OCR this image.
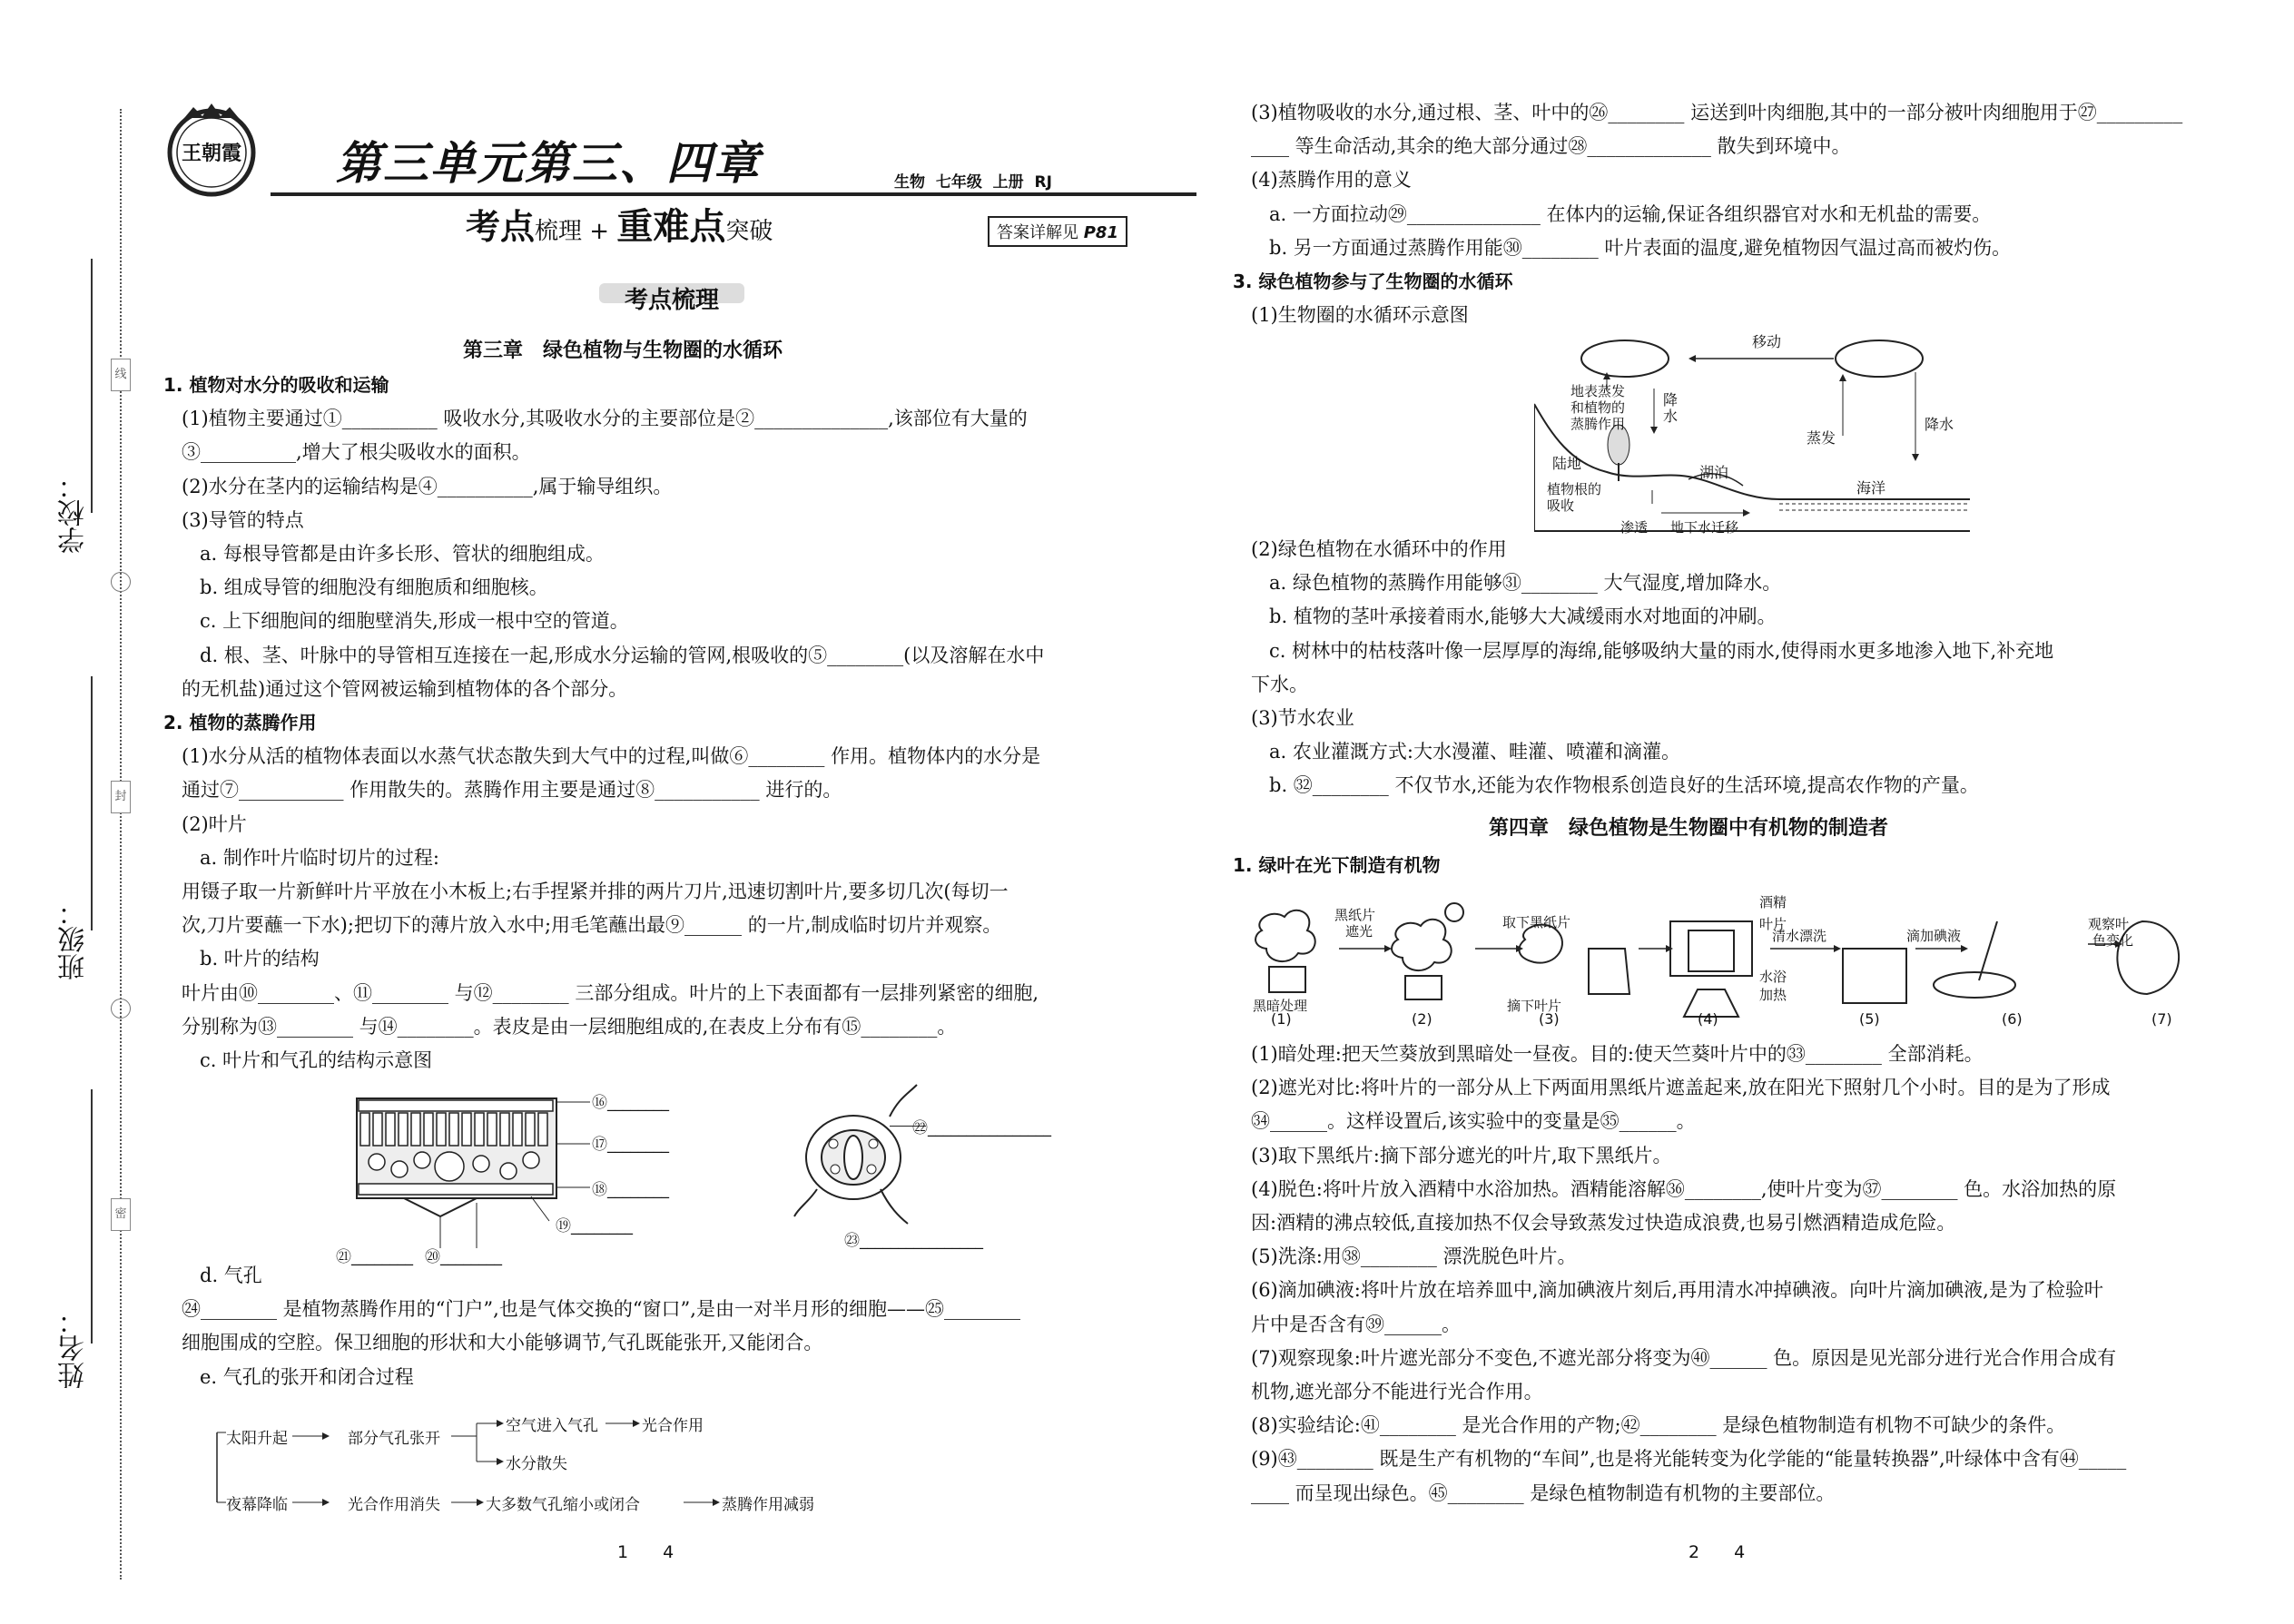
线
封
密
学校：
班级：
姓名：
王朝霞 第三单元第三、四章
考点梳理 + 重难点突破
生物  七年级  上册  RJ
答案详解见 P81
考点梳理
第三章　绿色植物与生物圈的水循环
1. 植物对水分的吸收和运输
(1)植物主要通过①__________ 吸收水分,其吸收水分的主要部位是②______________,该部位有大量的
③__________,增大了根尖吸收水的面积。
(2)水分在茎内的运输结构是④__________,属于输导组织。
(3)导管的特点
a. 每根导管都是由许多长形、管状的细胞组成。
b. 组成导管的细胞没有细胞质和细胞核。
c. 上下细胞间的细胞壁消失,形成一根中空的管道。
d. 根、茎、叶脉中的导管相互连接在一起,形成水分运输的管网,根吸收的⑤________(以及溶解在水中
的无机盐)通过这个管网被运输到植物体的各个部分。
2. 植物的蒸腾作用
(1)水分从活的植物体表面以水蒸气状态散失到大气中的过程,叫做⑥________ 作用。植物体内的水分是
通过⑦___________ 作用散失的。蒸腾作用主要是通过⑧___________ 进行的。
(2)叶片
a. 制作叶片临时切片的过程:
用镊子取一片新鲜叶片平放在小木板上;右手捏紧并排的两片刀片,迅速切割叶片,要多切几次(每切一
次,刀片要蘸一下水);把切下的薄片放入水中;用毛笔蘸出最⑨______ 的一片,制成临时切片并观察。
b. 叶片的结构
叶片由⑩________、⑪________ 与⑫________ 三部分组成。叶片的上下表面都有一层排列紧密的细胞,
分别称为⑬________ 与⑭________。表皮是由一层细胞组成的,在表皮上分布有⑮________。
c. 叶片和气孔的结构示意图
⑯________
⑰________
⑱________
⑲________
㉑________ ⑳________
㉒________________
㉓________________
d. 气孔
㉔________ 是植物蒸腾作用的“门户”,也是气体交换的“窗口”,是由一对半月形的细胞——㉕________
细胞围成的空腔。保卫细胞的形状和大小能够调节,气孔既能张开,又能闭合。
e. 气孔的张开和闭合过程
太阳升起	部分气孔张开
空气进入气孔	光合作用
水分散失
夜幕降临	光合作用消失	大多数气孔缩小或闭合	蒸腾作用减弱
1　　4
(3)植物吸收的水分,通过根、茎、叶中的㉖________ 运送到叶肉细胞,其中的一部分被叶肉细胞用于㉗_________
____ 等生命活动,其余的绝大部分通过㉘_____________ 散失到环境中。
(4)蒸腾作用的意义
a. 一方面拉动㉙______________ 在体内的运输,保证各组织器官对水和无机盐的需要。
b. 另一方面通过蒸腾作用能㉚________ 叶片表面的温度,避免植物因气温过高而被灼伤。
3. 绿色植物参与了生物圈的水循环
(1)生物圈的水循环示意图
移动
地表蒸发和植物的蒸腾作用
降水
蒸发
降水
陆地
湖泊
海洋
植物根的吸收
渗透 地下水迁移
(2)绿色植物在水循环中的作用
a. 绿色植物的蒸腾作用能够㉛________ 大气湿度,增加降水。
b. 植物的茎叶承接着雨水,能够大大减缓雨水对地面的冲刷。
c. 树林中的枯枝落叶像一层厚厚的海绵,能够吸纳大量的雨水,使得雨水更多地渗入地下,补充地
下水。
(3)节水农业
a. 农业灌溉方式:大水漫灌、畦灌、喷灌和滴灌。
b. ㉜________ 不仅节水,还能为农作物根系创造良好的生活环境,提高农作物的产量。
第四章　绿色植物是生物圈中有机物的制造者
1. 绿叶在光下制造有机物
黑暗处理
黑纸片
遮光
取下黑纸片
摘下叶片
酒精
叶片
水浴
加热
清水漂洗	滴加碘液
观察叶
色变化
(1)	(2)	(3)	(4)	(5)	(6)	(7)
(1)暗处理:把天竺葵放到黑暗处一昼夜。目的:使天竺葵叶片中的㉝________ 全部消耗。
(2)遮光对比:将叶片的一部分从上下两面用黑纸片遮盖起来,放在阳光下照射几个小时。目的是为了形成
㉞______。这样设置后,该实验中的变量是㉟______。
(3)取下黑纸片:摘下部分遮光的叶片,取下黑纸片。
(4)脱色:将叶片放入酒精中水浴加热。酒精能溶解㊱________,使叶片变为㊲________ 色。水浴加热的原
因:酒精的沸点较低,直接加热不仅会导致蒸发过快造成浪费,也易引燃酒精造成危险。
(5)洗涤:用㊳________ 漂洗脱色叶片。
(6)滴加碘液:将叶片放在培养皿中,滴加碘液片刻后,再用清水冲掉碘液。向叶片滴加碘液,是为了检验叶
片中是否含有㊴______。
(7)观察现象:叶片遮光部分不变色,不遮光部分将变为㊵______ 色。原因是见光部分进行光合作用合成有
机物,遮光部分不能进行光合作用。
(8)实验结论:㊶________ 是光合作用的产物;㊷________ 是绿色植物制造有机物不可缺少的条件。
(9)㊸________ 既是生产有机物的“车间”,也是将光能转变为化学能的“能量转换器”,叶绿体中含有㊹_____
____ 而呈现出绿色。㊺________ 是绿色植物制造有机物的主要部位。
2　　4
